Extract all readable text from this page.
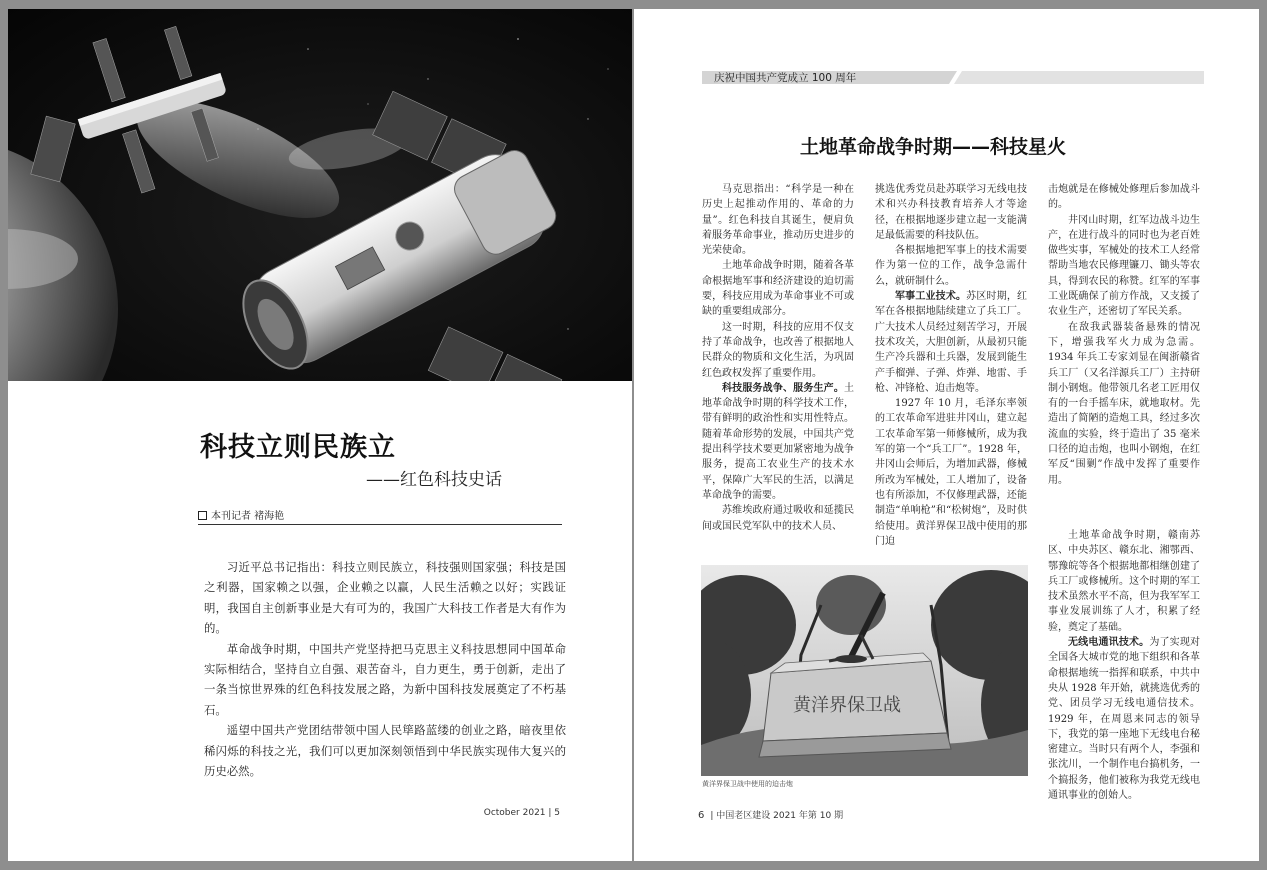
科技立则民族立
——红色科技史话
本刊记者 褚海艳

习近平总书记指出：科技立则民族立，科技强则国家强；科技是国之利器，国家赖之以强，企业赖之以赢，人民生活赖之以好；实践证明，我国自主创新事业是大有可为的，我国广大科技工作者是大有作为的。

革命战争时期，中国共产党坚持把马克思主义科技思想同中国革命实际相结合，坚持自立自强、艰苦奋斗，自力更生，勇于创新，走出了一条当惊世界殊的红色科技发展之路，为新中国科技发展奠定了不朽基石。

遥望中国共产党团结带领中国人民筚路蓝缕的创业之路，暗夜里依稀闪烁的科技之光，我们可以更加深刻领悟到中华民族实现伟大复兴的历史必然。

October 2021 | 5
庆祝中国共产党成立 100 周年
土地革命战争时期——科技星火

马克思指出：“科学是一种在历史上起推动作用的、革命的力量”。红色科技自其诞生，便肩负着服务革命事业，推动历史进步的光荣使命。

土地革命战争时期，随着各革命根据地军事和经济建设的迫切需要，科技应用成为革命事业不可或缺的重要组成部分。

这一时期，科技的应用不仅支持了革命战争，也改善了根据地人民群众的物质和文化生活，为巩固红色政权发挥了重要作用。

科技服务战争、服务生产。土地革命战争时期的科学技术工作，带有鲜明的政治性和实用性特点。随着革命形势的发展，中国共产党提出科学技术要更加紧密地为战争服务，提高工农业生产的技术水平，保障广大军民的生活，以满足革命战争的需要。

苏维埃政府通过吸收和延揽民间或国民党军队中的技术人员、

挑选优秀党员赴苏联学习无线电技术和兴办科技教育培养人才等途径，在根据地逐步建立起一支能满足最低需要的科技队伍。

各根据地把军事上的技术需要作为第一位的工作，战争急需什么，就研制什么。

军事工业技术。苏区时期，红军在各根据地陆续建立了兵工厂。广大技术人员经过刻苦学习，开展技术攻关，大胆创新，从最初只能生产冷兵器和土兵器，发展到能生产手榴弹、子弹、炸弹、地雷、手枪、冲锋枪、迫击炮等。

1927 年 10 月，毛泽东率领的工农革命军进驻井冈山，建立起工农革命军第一师修械所，成为我军的第一个“兵工厂”。1928 年，井冈山会师后，为增加武器，修械所改为军械处，工人增加了，设备也有所添加，不仅修理武器，还能制造“单响枪”和“松树炮”，及时供给使用。黄洋界保卫战中使用的那门迫

击炮就是在修械处修理后参加战斗的。

井冈山时期，红军边战斗边生产，在进行战斗的同时也为老百姓做些实事，军械处的技术工人经常帮助当地农民修理镰刀、锄头等农具，得到农民的称赞。红军的军事工业既确保了前方作战，又支援了农业生产，还密切了军民关系。

在敌我武器装备悬殊的情况下，增强我军火力成为急需。1934 年兵工专家刘显在闽浙赣省兵工厂（又名洋源兵工厂）主持研制小钢炮。他带领几名老工匠用仅有的一台手摇车床，就地取材。先造出了简陋的造炮工具，经过多次流血的实验，终于造出了 35 毫米口径的迫击炮，也叫小钢炮，在红军反“围剿”作战中发挥了重要作用。

土地革命战争时期，赣南苏区、中央苏区、赣东北、湘鄂西、鄂豫皖等各个根据地都相继创建了兵工厂或修械所。这个时期的军工技术虽然水平不高，但为我军军工事业发展训练了人才，积累了经验，奠定了基础。

无线电通讯技术。为了实现对全国各大城市党的地下组织和各革命根据地统一指挥和联系，中共中央从 1928 年开始，就挑选优秀的党、团员学习无线电通信技术。1929 年，在周恩来同志的领导下，我党的第一座地下无线电台秘密建立。当时只有两个人，李强和张沈川，一个制作电台搞机务，一个搞报务，他们被称为我党无线电通讯事业的创始人。

黄洋界保卫战
黄洋界保卫战中使用的迫击炮
6 | 中国老区建设 2021 年第 10 期
